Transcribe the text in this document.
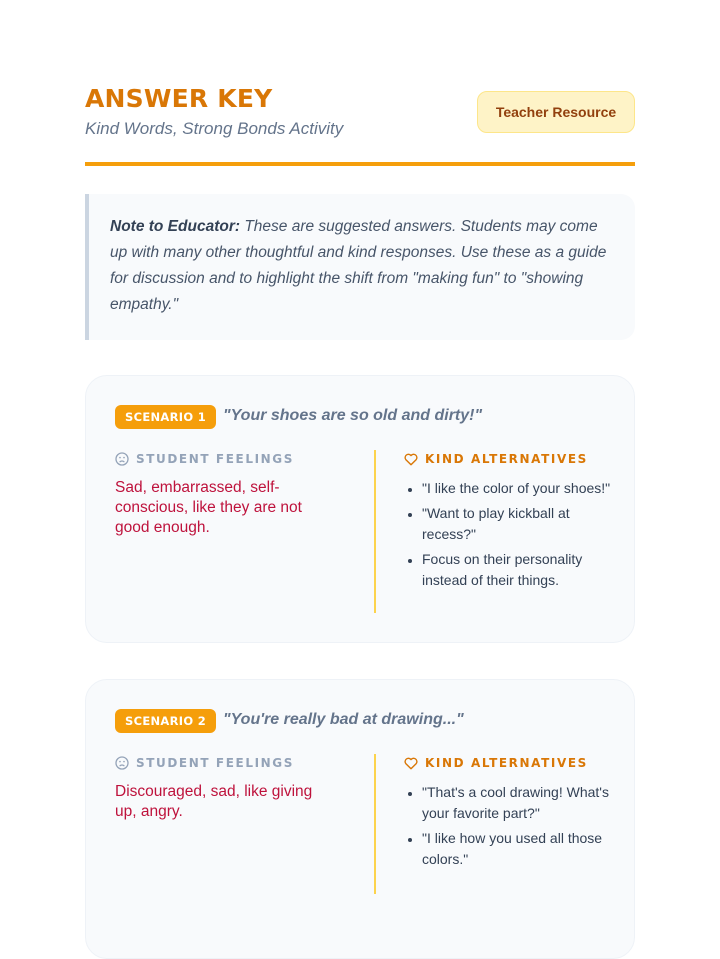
ANSWER KEY
Kind Words, Strong Bonds Activity
Teacher Resource
Note to Educator: These are suggested answers. Students may come up with many other thoughtful and kind responses. Use these as a guide for discussion and to highlight the shift from "making fun" to "showing empathy."
SCENARIO 1	"Your shoes are so old and dirty!"
STUDENT FEELINGS
Sad, embarrassed, self-conscious, like they are not good enough.
KIND ALTERNATIVES
• "I like the color of your shoes!"
• "Want to play kickball at recess?"
• Focus on their personality instead of their things.
SCENARIO 2	"You're really bad at drawing..."
STUDENT FEELINGS
Discouraged, sad, like giving up, angry.
KIND ALTERNATIVES
• "That's a cool drawing! What's your favorite part?"
• "I like how you used all those colors."
